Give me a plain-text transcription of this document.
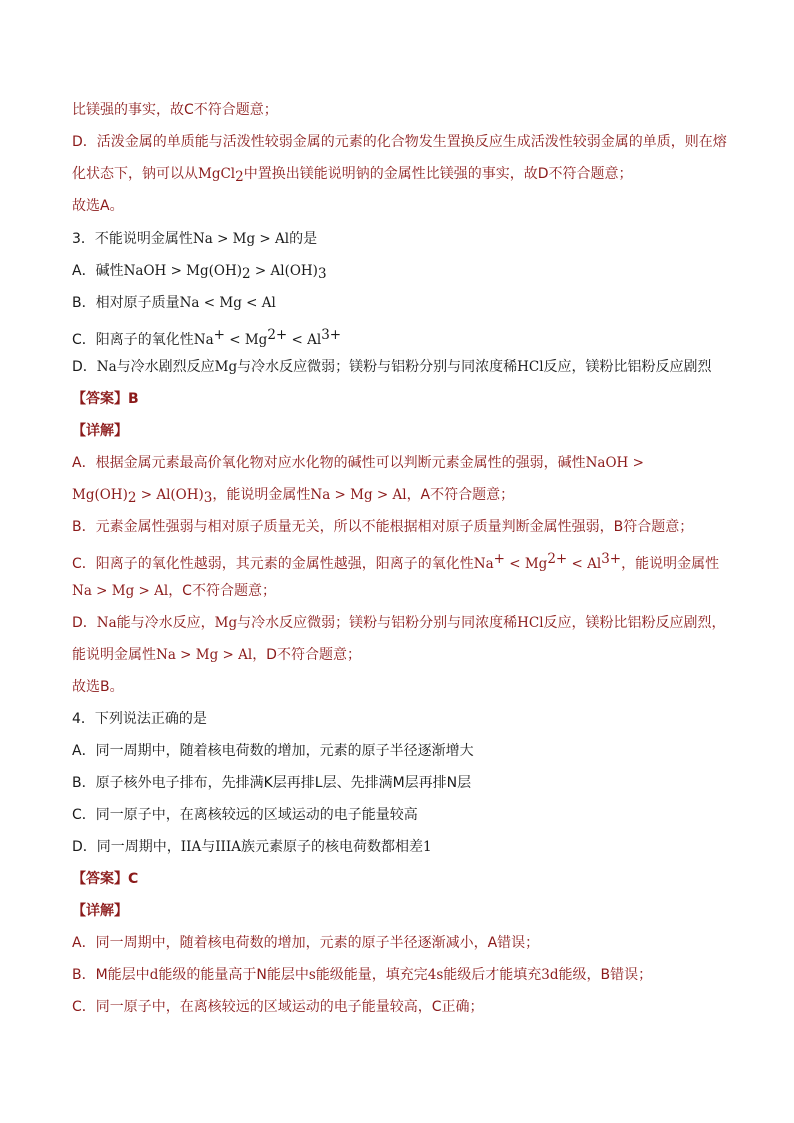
比镁强的事实，故C不符合题意；
D．活泼金属的单质能与活泼性较弱金属的元素的化合物发生置换反应生成活泼性较弱金属的单质，则在熔
化状态下，钠可以从MgCl$_2$中置换出镁能说明钠的金属性比镁强的事实，故D不符合题意；
故选A。
3．不能说明金属性Na > Mg > Al的是
A．碱性NaOH > $Mg(OH)_2 > Al(OH)_3$
B．相对原子质量Na < Mg < Al
C．阳离子的氧化性$Na^+ < Mg^{2+} < Al^{3+}$
D．Na与冷水剧烈反应Mg与冷水反应微弱；镁粉与铝粉分别与同浓度稀HCl反应，镁粉比铝粉反应剧烈
【答案】B
【详解】
A．根据金属元素最高价氧化物对应水化物的碱性可以判断元素金属性的强弱，碱性NaOH >
$Mg(OH)_2 > Al(OH)_3$，能说明金属性Na > Mg > Al，A不符合题意；
B．元素金属性强弱与相对原子质量无关，所以不能根据相对原子质量判断金属性强弱，B符合题意；
C．阳离子的氧化性越弱，其元素的金属性越强，阳离子的氧化性$Na^+ < Mg^{2+} < Al^{3+}$，能说明金属性
Na > Mg > Al，C不符合题意；
D．Na能与冷水反应，Mg与冷水反应微弱；镁粉与铝粉分别与同浓度稀HCl反应，镁粉比铝粉反应剧烈，
能说明金属性Na > Mg > Al，D不符合题意；
故选B。
4．下列说法正确的是
A．同一周期中，随着核电荷数的增加，元素的原子半径逐渐增大
B．原子核外电子排布，先排满K层再排L层、先排满M层再排N层
C．同一原子中，在离核较远的区域运动的电子能量较高
D．同一周期中，IIA与IIIA族元素原子的核电荷数都相差1
【答案】C
【详解】
A．同一周期中，随着核电荷数的增加，元素的原子半径逐渐减小，A错误；
B．M能层中d能级的能量高于N能层中s能级能量，填充完4s能级后才能填充3d能级，B错误；
C．同一原子中，在离核较远的区域运动的电子能量较高，C正确；
